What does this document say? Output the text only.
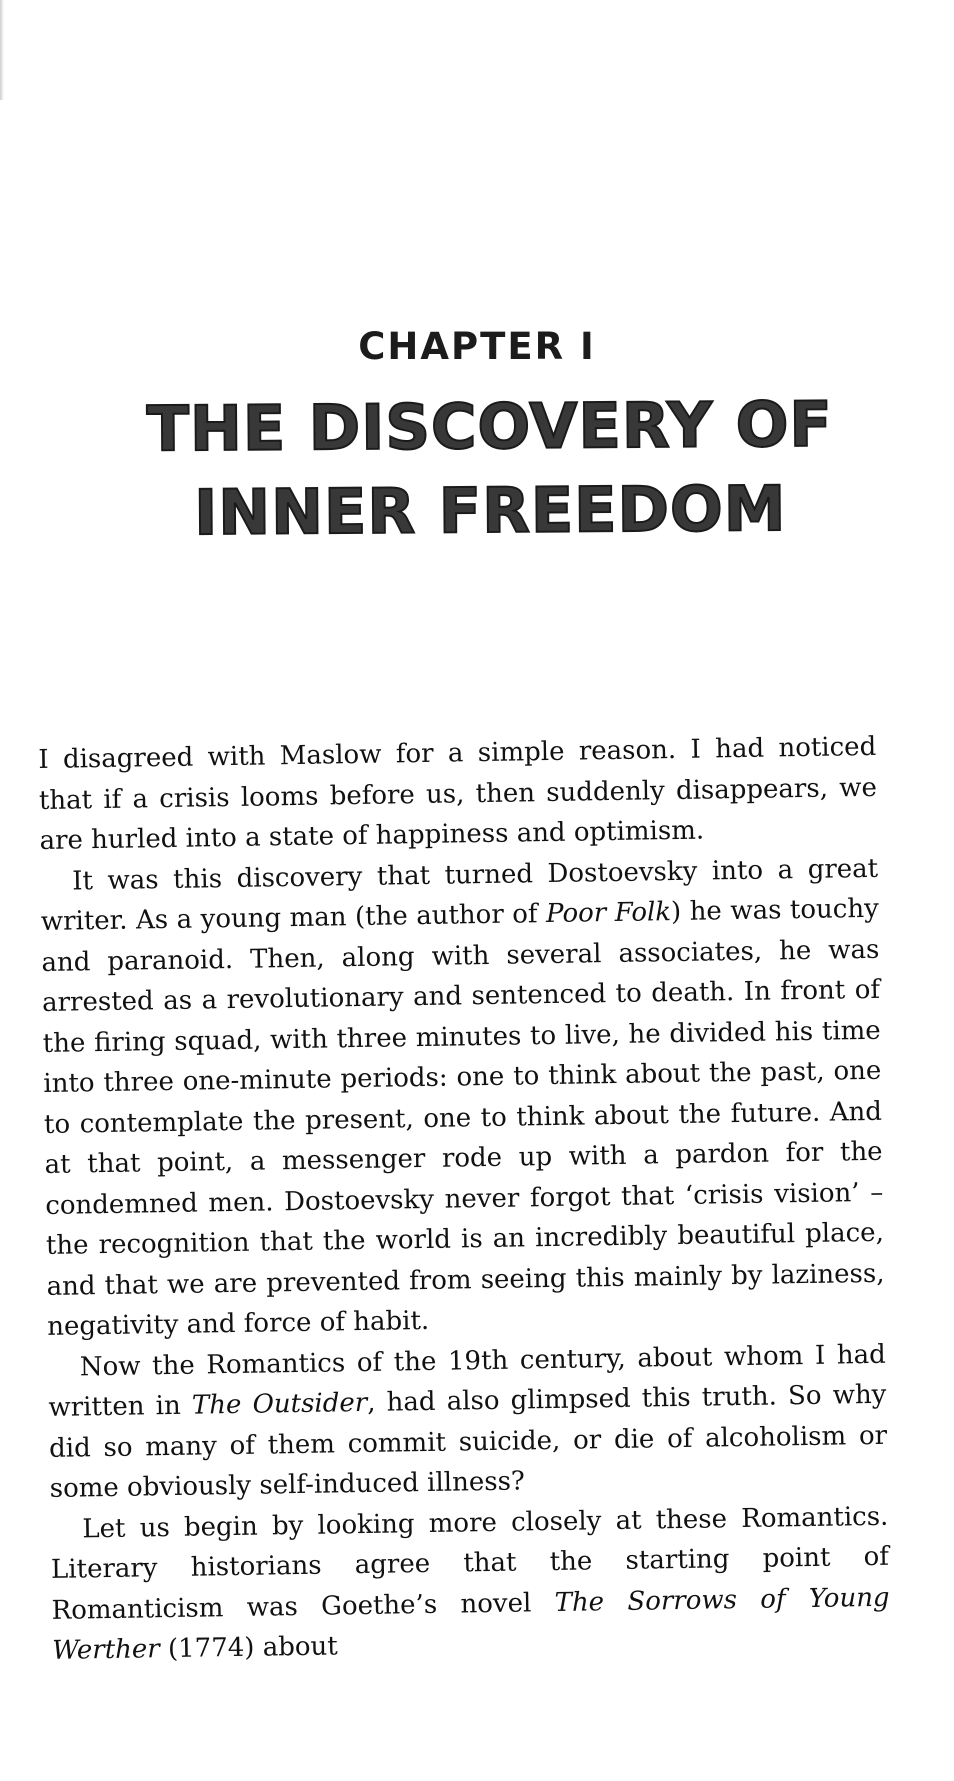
CHAPTER I
THE DISCOVERY OF INNER FREEDOM

I disagreed with Maslow for a simple reason. I had noticed that if a crisis looms before us, then suddenly disappears, we are hurled into a state of happiness and optimism.

It was this discovery that turned Dostoevsky into a great writer. As a young man (the author of Poor Folk) he was touchy and paranoid. Then, along with several associates, he was arrested as a revolutionary and sentenced to death. In front of the firing squad, with three minutes to live, he divided his time into three one-minute periods: one to think about the past, one to contemplate the present, one to think about the future. And at that point, a messenger rode up with a pardon for the condemned men. Dostoevsky never forgot that ‘crisis vision’ – the recognition that the world is an incredibly beautiful place, and that we are prevented from seeing this mainly by laziness, negativity and force of habit.

Now the Romantics of the 19th century, about whom I had written in The Outsider, had also glimpsed this truth. So why did so many of them commit suicide, or die of alcoholism or some obviously self-induced illness?

Let us begin by looking more closely at these Romantics. Literary historians agree that the starting point of Romanticism was Goethe’s novel The Sorrows of Young Werther (1774) about
